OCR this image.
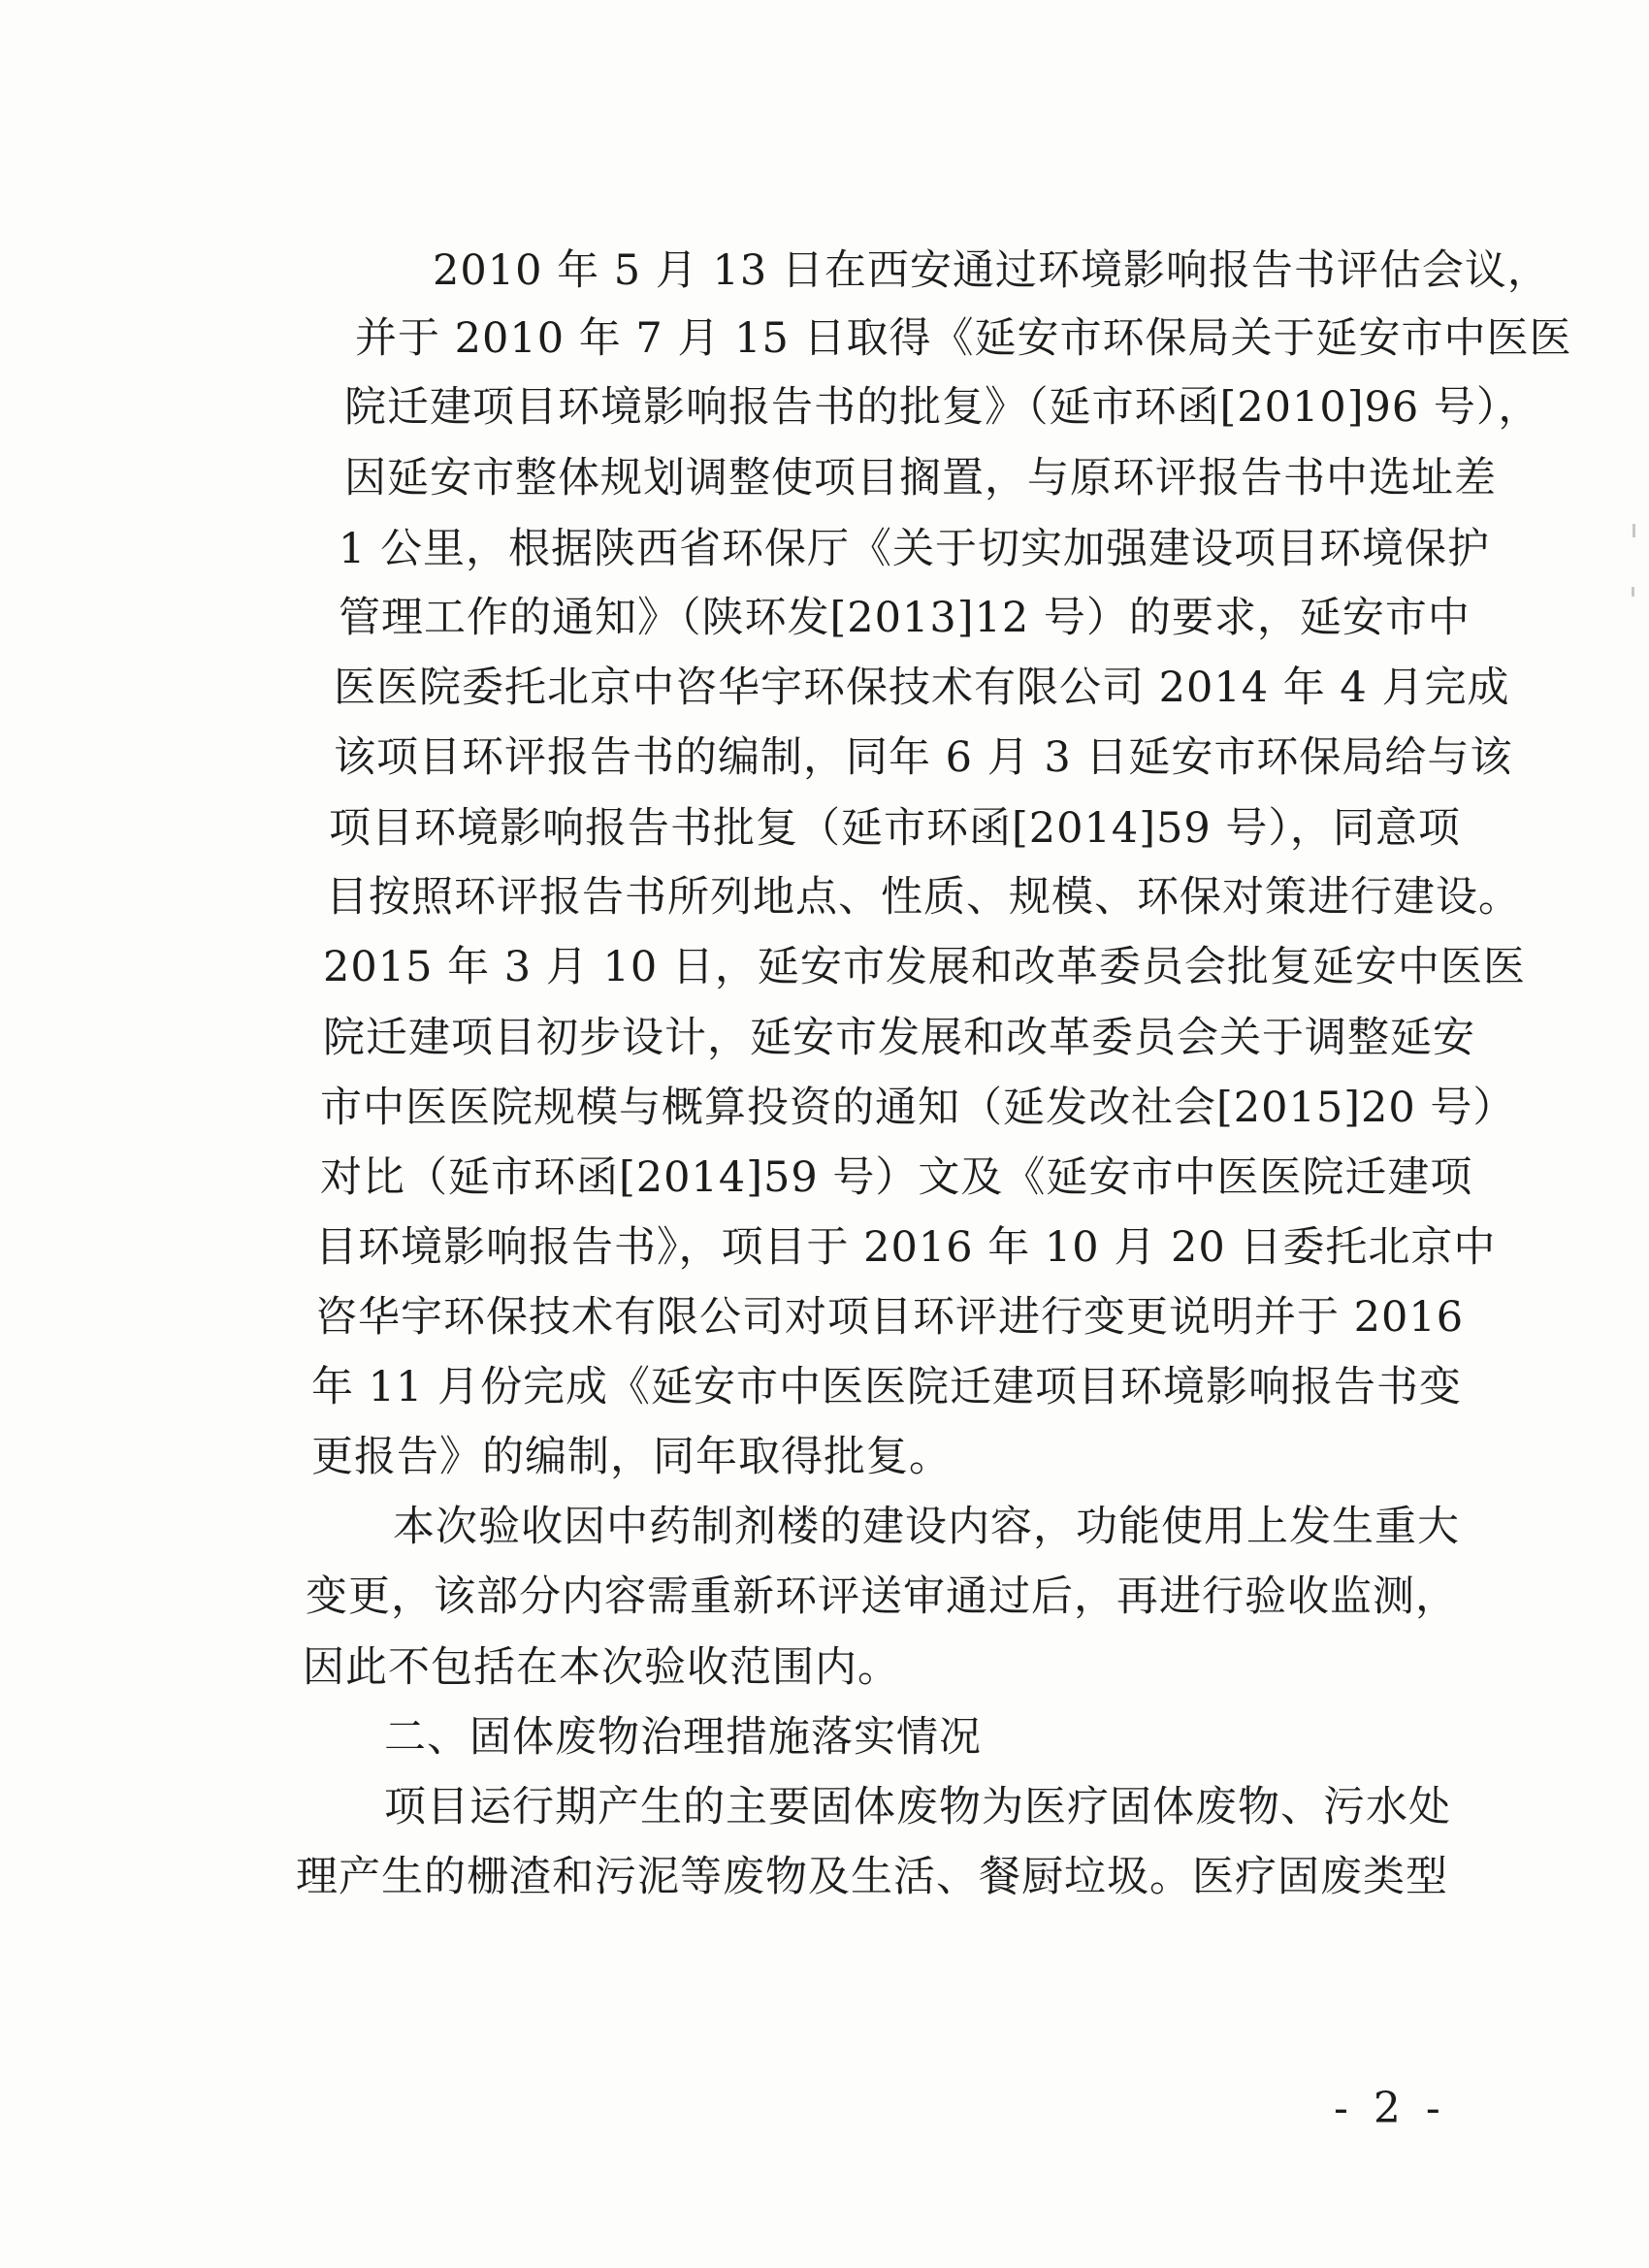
2010 年 5 月 13 日在西安通过环境影响报告书评估会议，
并于 2010 年 7 月 15 日取得《延安市环保局关于延安市中医医
院迁建项目环境影响报告书的批复》（延市环函[2010]96 号），
因延安市整体规划调整使项目搁置，与原环评报告书中选址差
1 公里，根据陕西省环保厅《关于切实加强建设项目环境保护
管理工作的通知》（陕环发[2013]12 号）的要求，延安市中
医医院委托北京中咨华宇环保技术有限公司 2014 年 4 月完成
该项目环评报告书的编制，同年 6 月 3 日延安市环保局给与该
项目环境影响报告书批复（延市环函[2014]59 号），同意项
目按照环评报告书所列地点、性质、规模、环保对策进行建设。
2015 年 3 月 10 日，延安市发展和改革委员会批复延安中医医
院迁建项目初步设计，延安市发展和改革委员会关于调整延安
市中医医院规模与概算投资的通知（延发改社会[2015]20 号）
对比（延市环函[2014]59 号）文及《延安市中医医院迁建项
目环境影响报告书》，项目于 2016 年 10 月 20 日委托北京中
咨华宇环保技术有限公司对项目环评进行变更说明并于 2016
年 11 月份完成《延安市中医医院迁建项目环境影响报告书变
更报告》的编制，同年取得批复。
本次验收因中药制剂楼的建设内容，功能使用上发生重大
变更，该部分内容需重新环评送审通过后，再进行验收监测，
因此不包括在本次验收范围内。
二、固体废物治理措施落实情况
项目运行期产生的主要固体废物为医疗固体废物、污水处
理产生的栅渣和污泥等废物及生活、餐厨垃圾。医疗固废类型
- 2 -
